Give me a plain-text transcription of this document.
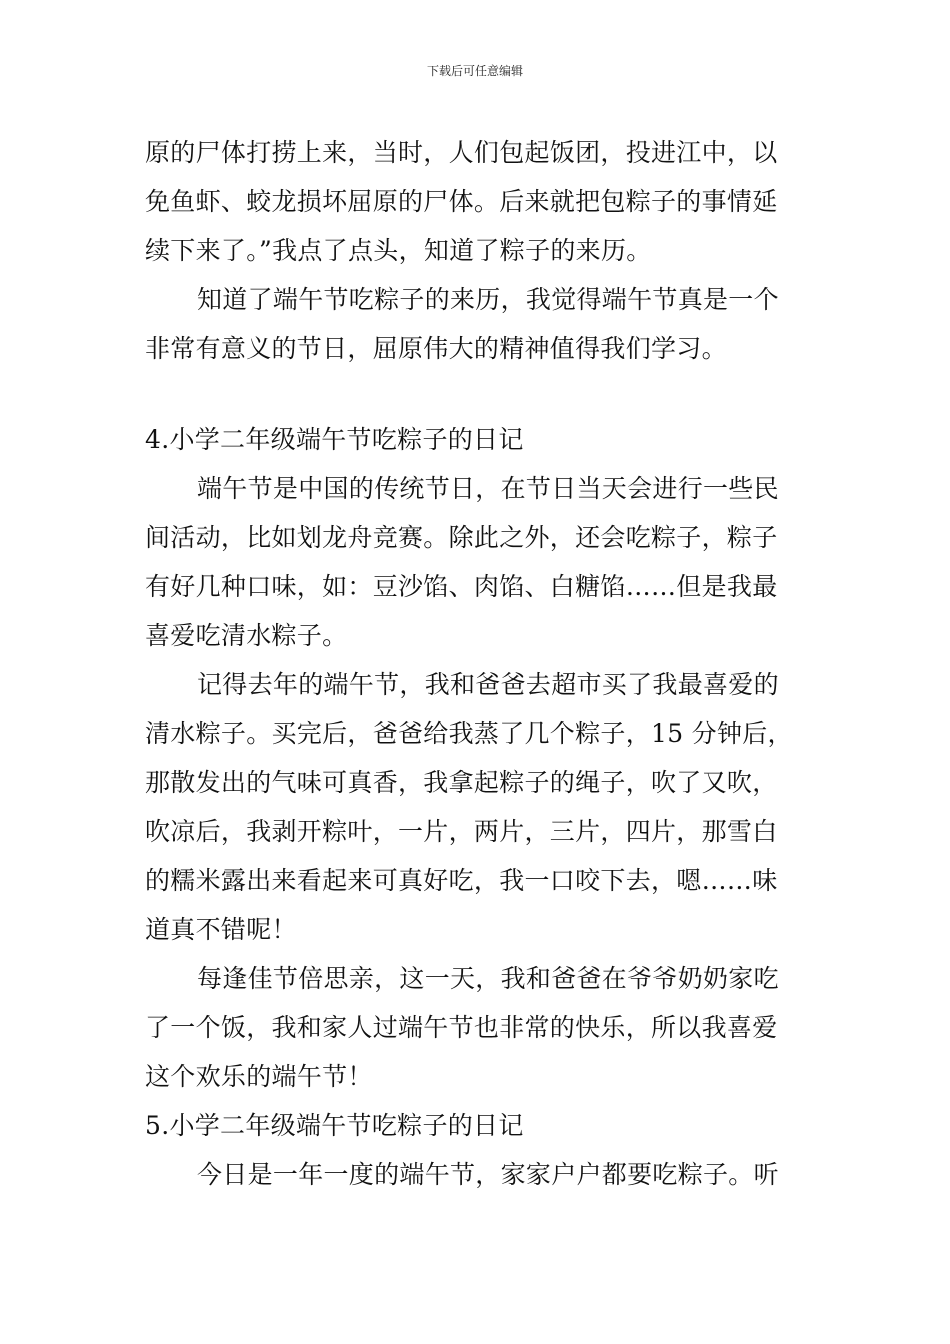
下载后可任意编辑
原的尸体打捞上来，当时，人们包起饭团，投进江中，以
免鱼虾、蛟龙损坏屈原的尸体。后来就把包粽子的事情延
续下来了。”我点了点头，知道了粽子的来历。
知道了端午节吃粽子的来历，我觉得端午节真是一个
非常有意义的节日，屈原伟大的精神值得我们学习。
4.小学二年级端午节吃粽子的日记
端午节是中国的传统节日，在节日当天会进行一些民
间活动，比如划龙舟竞赛。除此之外，还会吃粽子，粽子
有好几种口味，如：豆沙馅、肉馅、白糖馅……但是我最
喜爱吃清水粽子。
记得去年的端午节，我和爸爸去超市买了我最喜爱的
清水粽子。买完后，爸爸给我蒸了几个粽子，15 分钟后，
那散发出的气味可真香，我拿起粽子的绳子，吹了又吹，
吹凉后，我剥开粽叶，一片，两片，三片，四片，那雪白
的糯米露出来看起来可真好吃，我一口咬下去，嗯……味
道真不错呢！
每逢佳节倍思亲，这一天，我和爸爸在爷爷奶奶家吃
了一个饭，我和家人过端午节也非常的快乐，所以我喜爱
这个欢乐的端午节！
5.小学二年级端午节吃粽子的日记
今日是一年一度的端午节，家家户户都要吃粽子。听
